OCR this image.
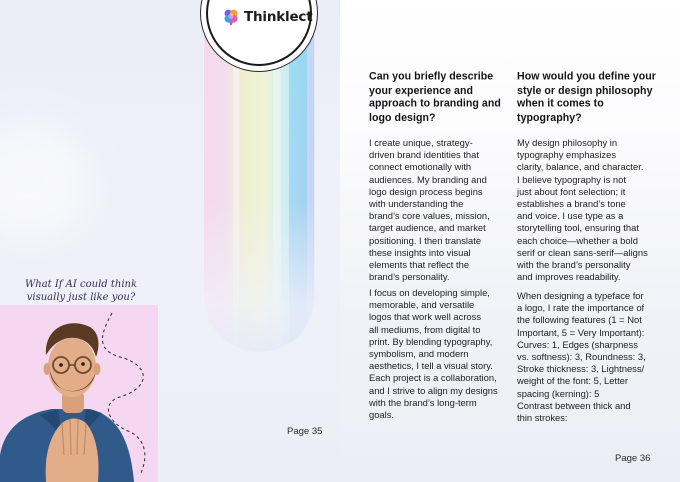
Thinklect
What If AI could think visually just like you?
Page 35
Can you briefly describe your experience and approach to branding and logo design?
I create unique, strategy-
driven brand identities that
connect emotionally with
audiences. My branding and
logo design process begins
with understanding the
brand’s core values, mission,
target audience, and market
positioning. I then translate
these insights into visual
elements that reflect the
brand’s personality.
I focus on developing simple,
memorable, and versatile
logos that work well across
all mediums, from digital to
print. By blending typography,
symbolism, and modern
aesthetics, I tell a visual story.
Each project is a collaboration,
and I strive to align my designs
with the brand’s long-term
goals.
How would you define your style or design philosophy when it comes to typography?
My design philosophy in
typography emphasizes
clarity, balance, and character.
I believe typography is not
just about font selection; it
establishes a brand’s tone
and voice. I use type as a
storytelling tool, ensuring that
each choice—whether a bold
serif or clean sans-serif—aligns
with the brand’s personality
and improves readability.
When designing a typeface for
a logo, I rate the importance of
the following features (1 = Not
Important, 5 = Very Important):
Curves: 1, Edges (sharpness
vs. softness): 3, Roundness: 3,
Stroke thickness: 3, Lightness/
weight of the font: 5, Letter
spacing (kerning): 5
Contrast between thick and
thin strokes:
Page 36
